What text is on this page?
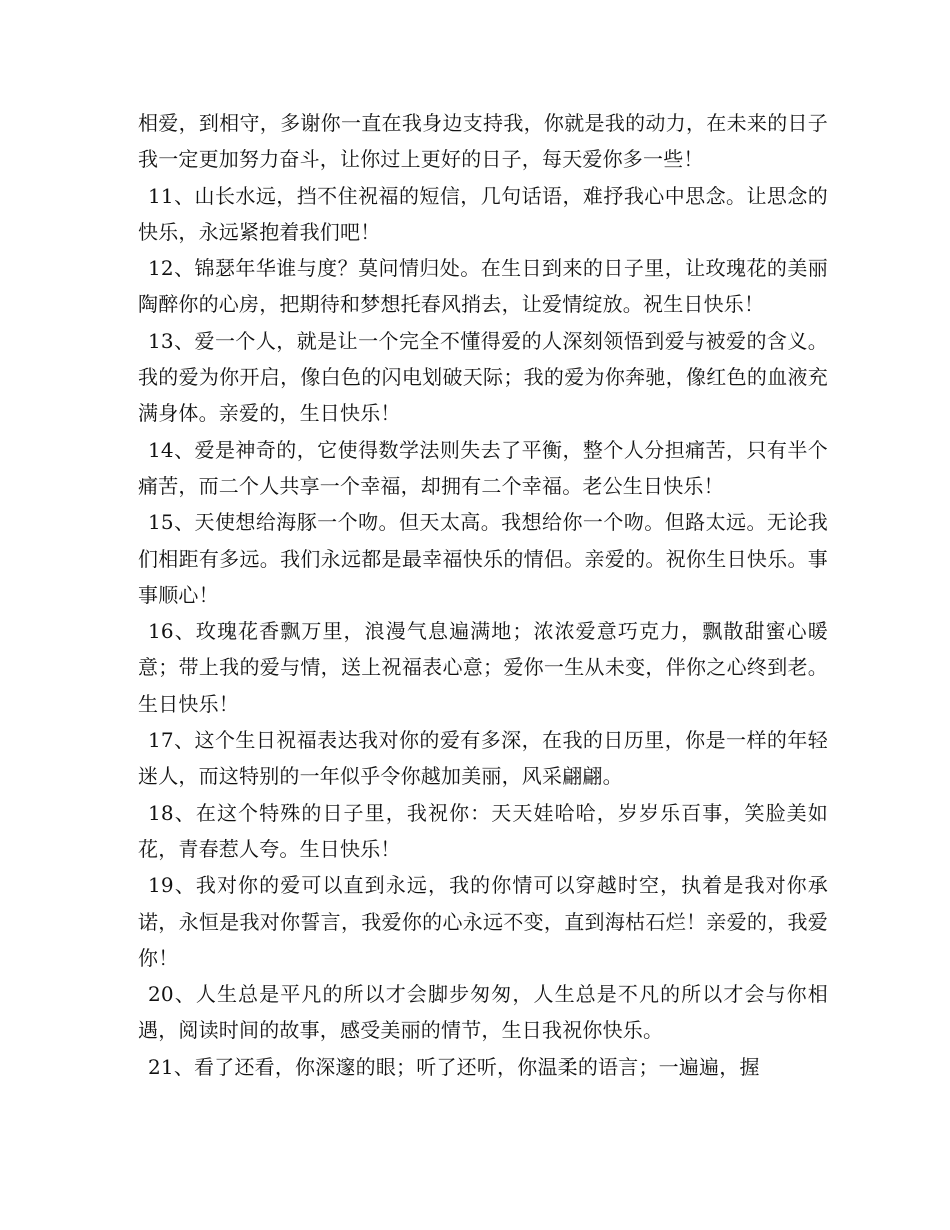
相爱，到相守，多谢你一直在我身边支持我，你就是我的动力，在未来的日子我一定更加努力奋斗，让你过上更好的日子，每天爱你多一些！

11、山长水远，挡不住祝福的短信，几句话语，难抒我心中思念。让思念的快乐，永远紧抱着我们吧！

12、锦瑟年华谁与度？莫问情归处。在生日到来的日子里，让玫瑰花的美丽陶醉你的心房，把期待和梦想托春风捎去，让爱情绽放。祝生日快乐！

13、爱一个人，就是让一个完全不懂得爱的人深刻领悟到爱与被爱的含义。我的爱为你开启，像白色的闪电划破天际；我的爱为你奔驰，像红色的血液充满身体。亲爱的，生日快乐！

14、爱是神奇的，它使得数学法则失去了平衡，整个人分担痛苦，只有半个痛苦，而二个人共享一个幸福，却拥有二个幸福。老公生日快乐！

15、天使想给海豚一个吻。但天太高。我想给你一个吻。但路太远。无论我们相距有多远。我们永远都是最幸福快乐的情侣。亲爱的。祝你生日快乐。事事顺心！

16、玫瑰花香飘万里，浪漫气息遍满地；浓浓爱意巧克力，飘散甜蜜心暖意；带上我的爱与情，送上祝福表心意；爱你一生从未变，伴你之心终到老。生日快乐！

17、这个生日祝福表达我对你的爱有多深，在我的日历里，你是一样的年轻迷人，而这特别的一年似乎令你越加美丽，风采翩翩。

18、在这个特殊的日子里，我祝你：天天娃哈哈，岁岁乐百事，笑脸美如花，青春惹人夸。生日快乐！

19、我对你的爱可以直到永远，我的你情可以穿越时空，执着是我对你承诺，永恒是我对你誓言，我爱你的心永远不变，直到海枯石烂！亲爱的，我爱你！

20、人生总是平凡的所以才会脚步匆匆，人生总是不凡的所以才会与你相遇，阅读时间的故事，感受美丽的情节，生日我祝你快乐。

21、看了还看，你深邃的眼；听了还听，你温柔的语言；一遍遍，握
